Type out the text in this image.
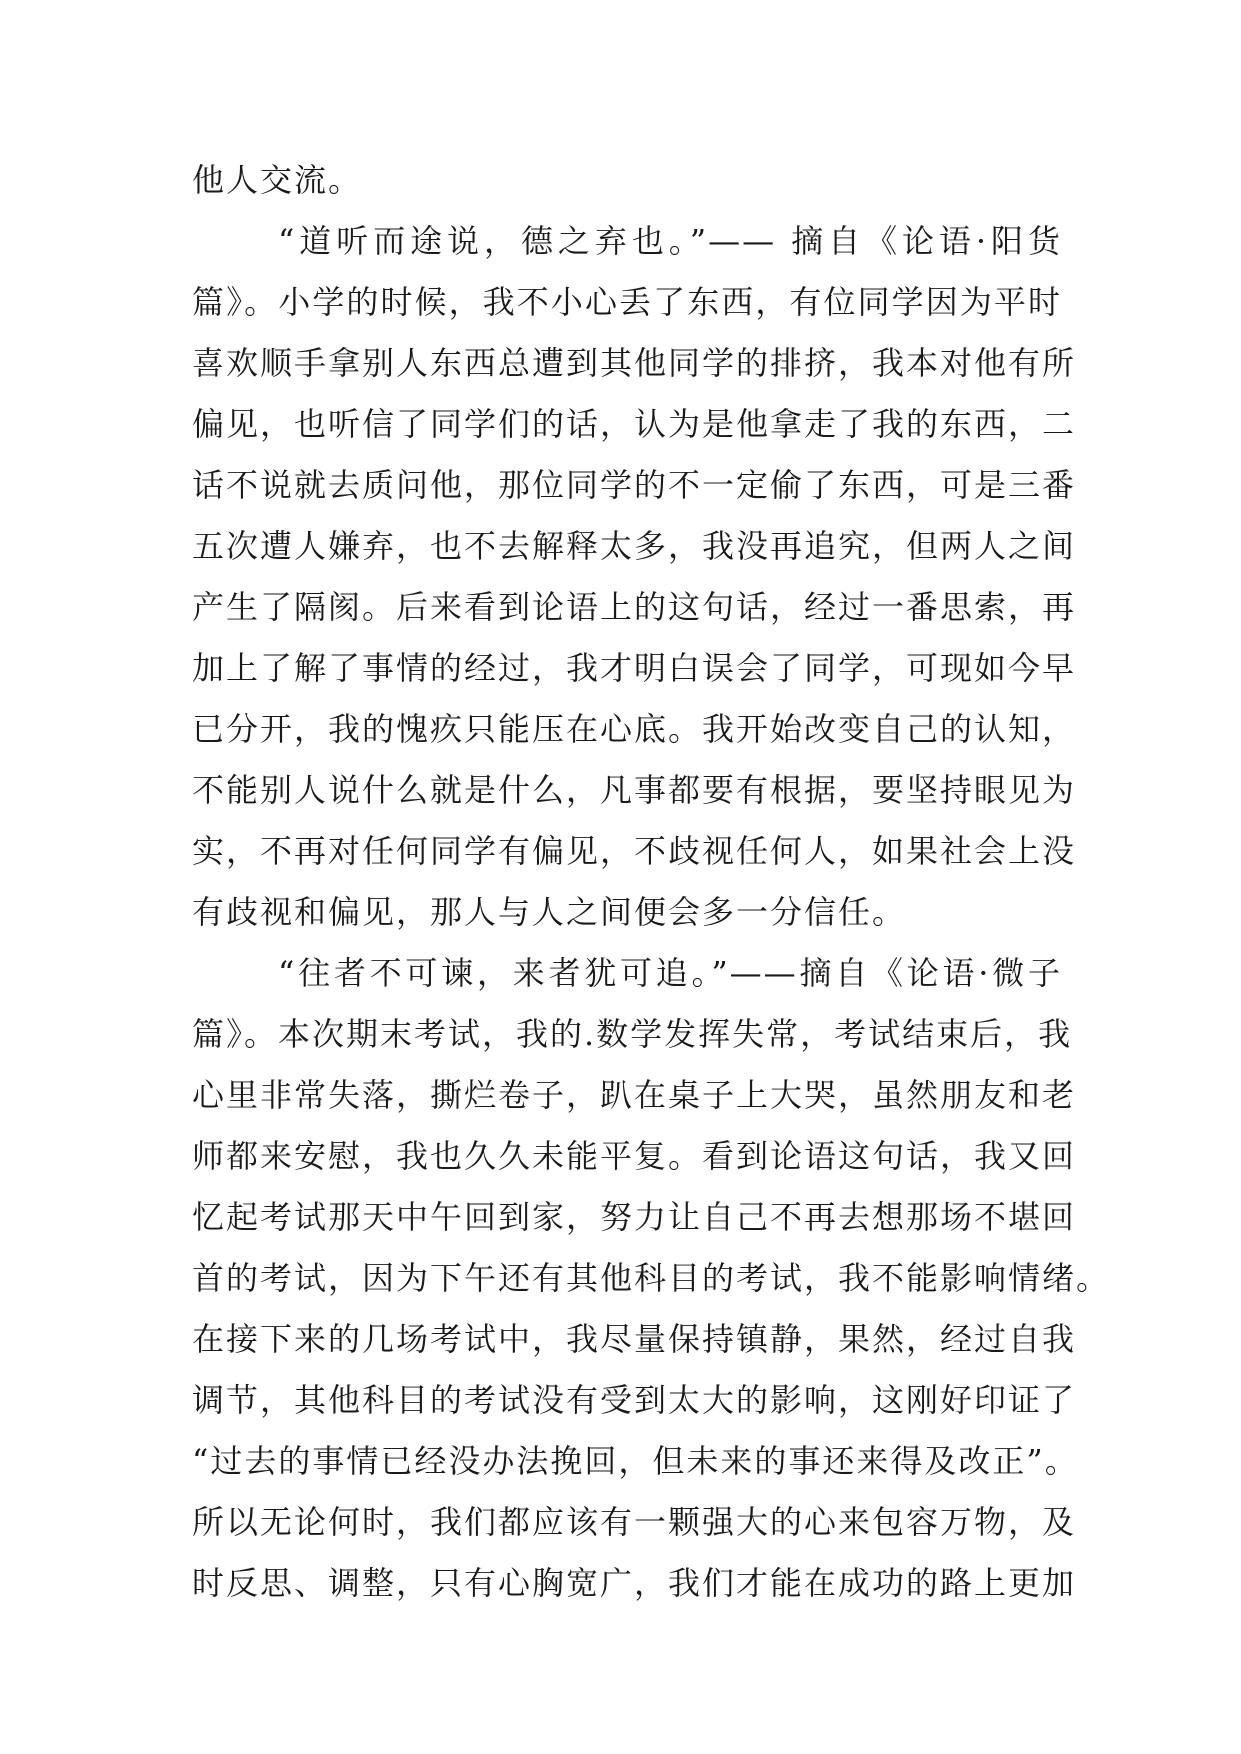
他人交流。
“道听而途说，德之弃也。”—— 摘自《论语·阳货
篇》。小学的时候，我不小心丢了东西，有位同学因为平时
喜欢顺手拿别人东西总遭到其他同学的排挤，我本对他有所
偏见，也听信了同学们的话，认为是他拿走了我的东西，二
话不说就去质问他，那位同学的不一定偷了东西，可是三番
五次遭人嫌弃，也不去解释太多，我没再追究，但两人之间
产生了隔阂。后来看到论语上的这句话，经过一番思索，再
加上了解了事情的经过，我才明白误会了同学，可现如今早
已分开，我的愧疚只能压在心底。我开始改变自己的认知，
不能别人说什么就是什么，凡事都要有根据，要坚持眼见为
实，不再对任何同学有偏见，不歧视任何人，如果社会上没
有歧视和偏见，那人与人之间便会多一分信任。
“往者不可谏，来者犹可追。”——摘自《论语·微子
篇》。本次期末考试，我的.数学发挥失常，考试结束后，我
心里非常失落，撕烂卷子，趴在桌子上大哭，虽然朋友和老
师都来安慰，我也久久未能平复。看到论语这句话，我又回
忆起考试那天中午回到家，努力让自己不再去想那场不堪回
首的考试，因为下午还有其他科目的考试，我不能影响情绪。
在接下来的几场考试中，我尽量保持镇静，果然，经过自我
调节，其他科目的考试没有受到太大的影响，这刚好印证了
“过去的事情已经没办法挽回，但未来的事还来得及改正”。
所以无论何时，我们都应该有一颗强大的心来包容万物，及
时反思、调整，只有心胸宽广，我们才能在成功的路上更加
